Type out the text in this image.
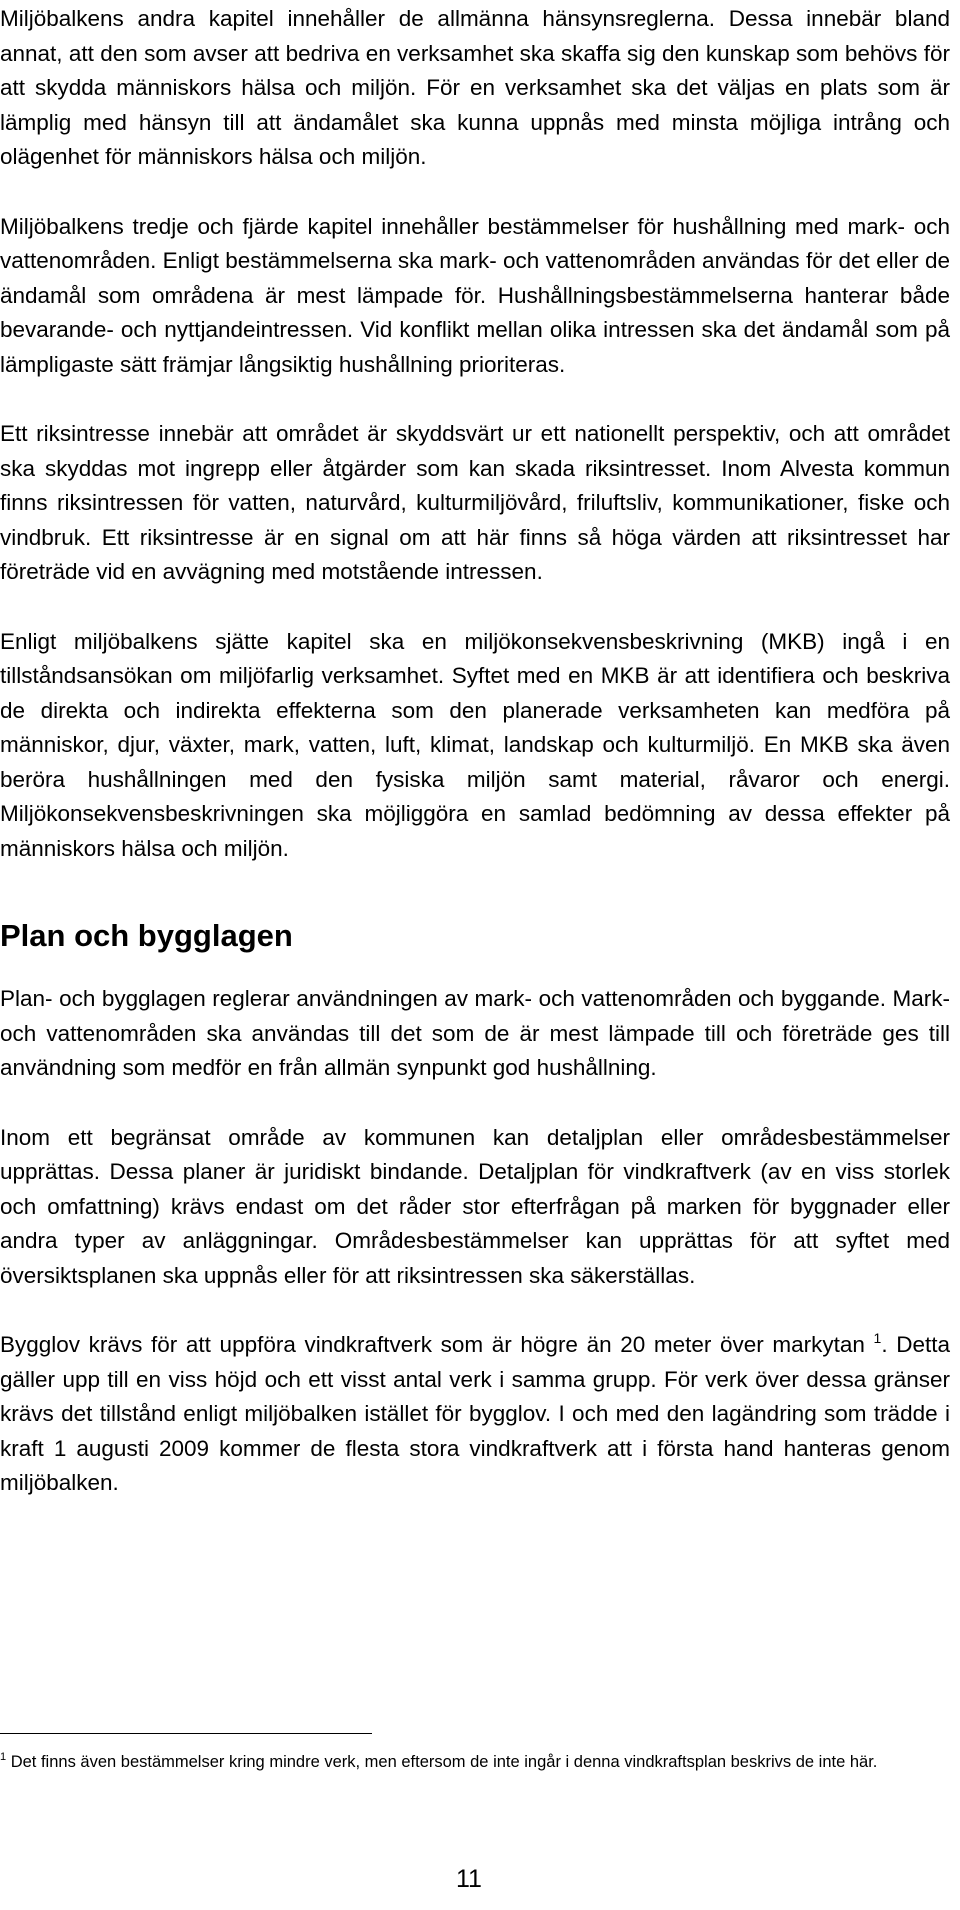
Miljöbalkens andra kapitel innehåller de allmänna hänsynsreglerna. Dessa innebär bland annat, att den som avser att bedriva en verksamhet ska skaffa sig den kunskap som behövs för att skydda människors hälsa och miljön. För en verksamhet ska det väljas en plats som är lämplig med hänsyn till att ändamålet ska kunna uppnås med minsta möjliga intrång och olägenhet för människors hälsa och miljön.

Miljöbalkens tredje och fjärde kapitel innehåller bestämmelser för hushållning med mark- och vattenområden. Enligt bestämmelserna ska mark- och vattenområden användas för det eller de ändamål som områdena är mest lämpade för. Hushållningsbestämmelserna hanterar både bevarande- och nyttjandeintressen. Vid konflikt mellan olika intressen ska det ändamål som på lämpligaste sätt främjar långsiktig hushållning prioriteras.

Ett riksintresse innebär att området är skyddsvärt ur ett nationellt perspektiv, och att området ska skyddas mot ingrepp eller åtgärder som kan skada riksintresset. Inom Alvesta kommun finns riksintressen för vatten, naturvård, kulturmiljövård, friluftsliv, kommunikationer, fiske och vindbruk. Ett riksintresse är en signal om att här finns så höga värden att riksintresset har företräde vid en avvägning med motstående intressen.

Enligt miljöbalkens sjätte kapitel ska en miljökonsekvensbeskrivning (MKB) ingå i en tillståndsansökan om miljöfarlig verksamhet. Syftet med en MKB är att identifiera och beskriva de direkta och indirekta effekterna som den planerade verksamheten kan medföra på människor, djur, växter, mark, vatten, luft, klimat, landskap och kulturmiljö. En MKB ska även beröra hushållningen med den fysiska miljön samt material, råvaror och energi. Miljökonsekvensbeskrivningen ska möjliggöra en samlad bedömning av dessa effekter på människors hälsa och miljön.

Plan och bygglagen

Plan- och bygglagen reglerar användningen av mark- och vattenområden och byggande. Mark- och vattenområden ska användas till det som de är mest lämpade till och företräde ges till användning som medför en från allmän synpunkt god hushållning.

Inom ett begränsat område av kommunen kan detaljplan eller områdesbestämmelser upprättas. Dessa planer är juridiskt bindande. Detaljplan för vindkraftverk (av en viss storlek och omfattning) krävs endast om det råder stor efterfrågan på marken för byggnader eller andra typer av anläggningar. Områdesbestämmelser kan upprättas för att syftet med översiktsplanen ska uppnås eller för att riksintressen ska säkerställas.

Bygglov krävs för att uppföra vindkraftverk som är högre än 20 meter över markytan $^1$. Detta gäller upp till en viss höjd och ett visst antal verk i samma grupp. För verk över dessa gränser krävs det tillstånd enligt miljöbalken istället för bygglov. I och med den lagändring som trädde i kraft 1 augusti 2009 kommer de flesta stora vindkraftverk att i första hand hanteras genom miljöbalken.

$^1$ Det finns även bestämmelser kring mindre verk, men eftersom de inte ingår i denna vindkraftsplan beskrivs de inte här.

11
